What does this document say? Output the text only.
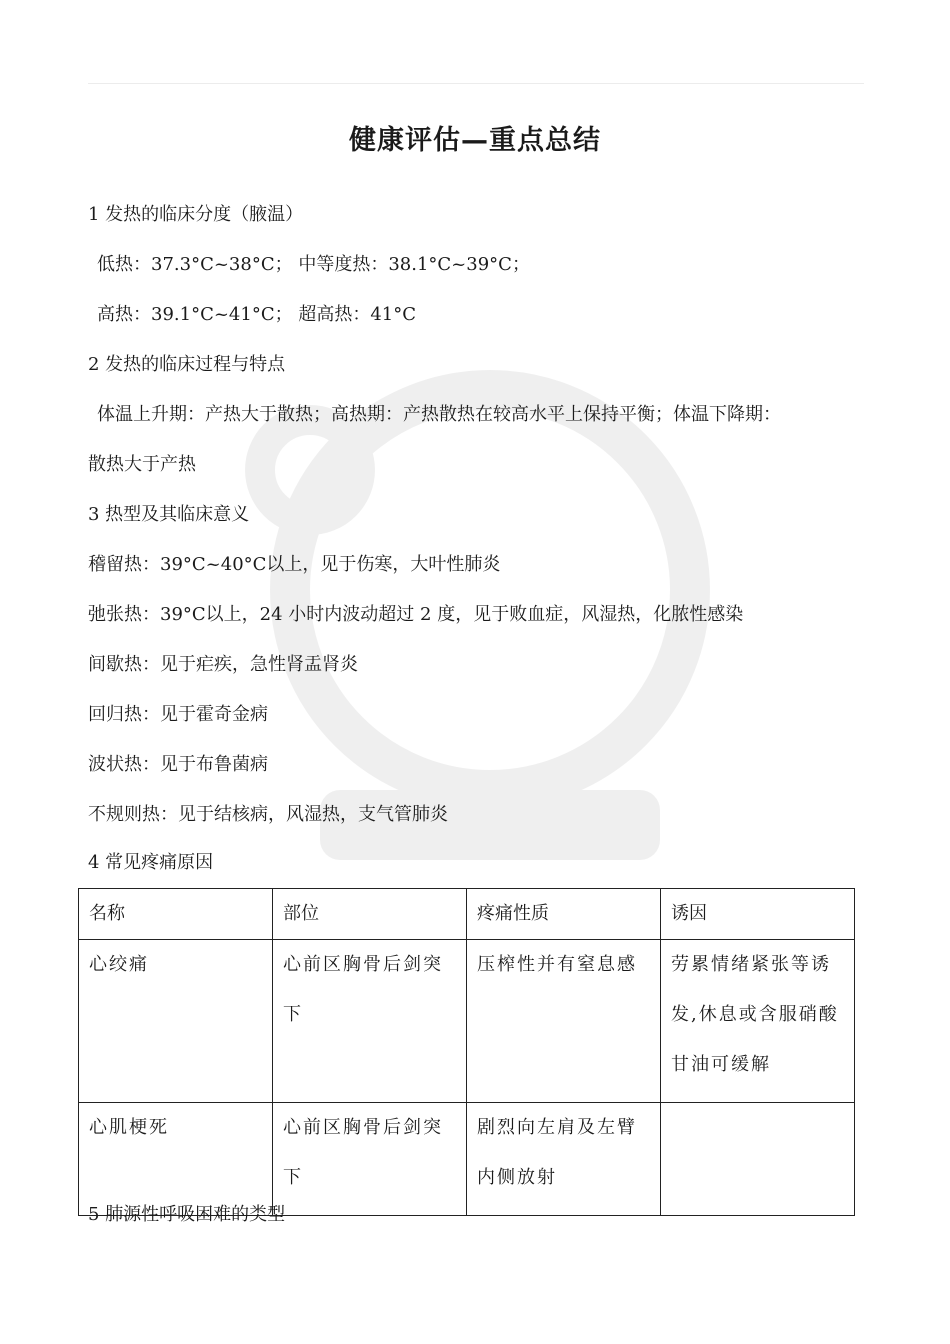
健康评估—重点总结
1 发热的临床分度（腋温）
低热：37.3°C~38°C； 中等度热：38.1°C~39°C；
高热：39.1°C~41°C； 超高热：41°C
2 发热的临床过程与特点
体温上升期：产热大于散热；高热期：产热散热在较高水平上保持平衡；体温下降期：
散热大于产热
3 热型及其临床意义
稽留热：39°C~40°C以上，见于伤寒，大叶性肺炎
弛张热：39°C以上，24 小时内波动超过 2 度，见于败血症，风湿热，化脓性感染
间歇热：见于疟疾，急性肾盂肾炎
回归热：见于霍奇金病
波状热：见于布鲁菌病
不规则热：见于结核病，风湿热，支气管肺炎
4 常见疼痛原因
名称	部位	疼痛性质	诱因

心绞痛	心前区胸骨后剑突下	压榨性并有窒息感	劳累情绪紧张等诱发,休息或含服硝酸甘油可缓解

心肌梗死	心前区胸骨后剑突下	剧烈向左肩及左臂内侧放射	

5 肺源性呼吸困难的类型
